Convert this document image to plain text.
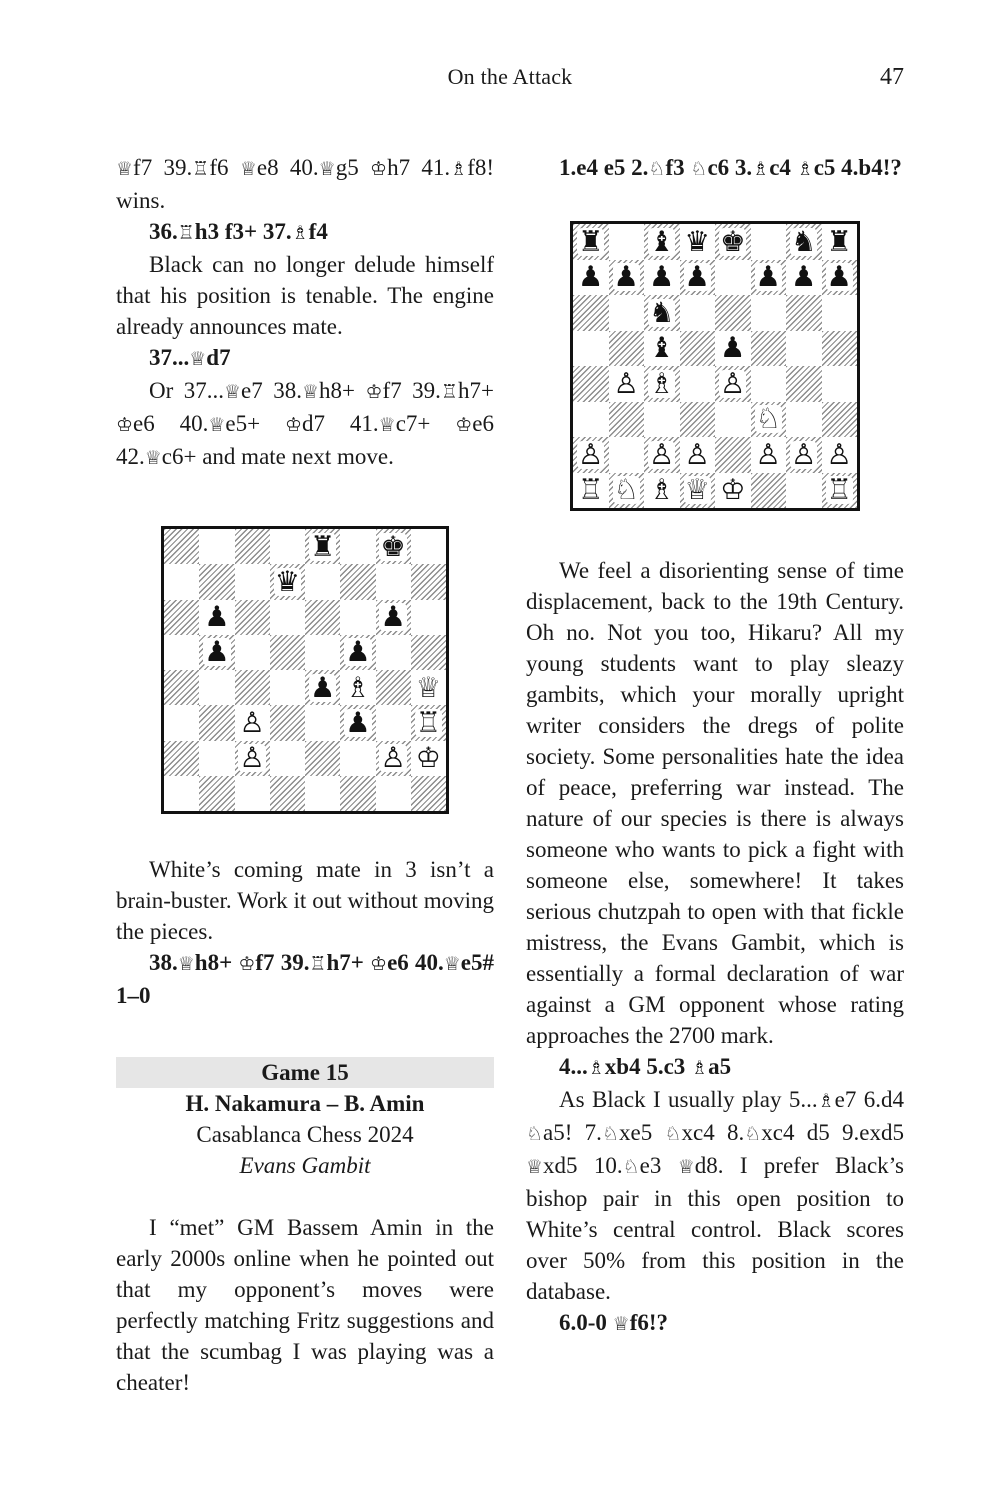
On the Attack	47

♕f7 39.♖f6 ♕e8 40.♕g5 ♔h7 41.♗f8! wins.

36.♖h3 f3+ 37.♗f4

Black can no longer delude himself that his position is tenable. The engine already announces mate.

37...♕d7

Or 37...♕e7 38.♕h8+ ♔f7 39.♖h7+ ♔e6 40.♕e5+ ♔d7 41.♕c7+ ♔e6 42.♕c6+ and mate next move.

♜ ♚
♛
♟	♟
♟	♟
♟ ♗ ♕
♙	♟ ♖
♙	♙ ♔

White’s coming mate in 3 isn’t a brain-buster. Work it out without moving the pieces.

38.♕h8+ ♔f7 39.♖h7+ ♔e6 40.♕e5# 1–0

Game 15
H. Nakamura – B. Amin
Casablanca Chess 2024
Evans Gambit

I “met” GM Bassem Amin in the early 2000s online when he pointed out that my opponent’s moves were perfectly matching Fritz suggestions and that the scumbag I was playing was a cheater!

1.e4 e5 2.♘f3 ♘c6 3.♗c4 ♗c5 4.b4!?

♜ ♝ ♛ ♚ ♞ ♜
♟ ♟ ♟ ♟ ♟ ♟ ♟
♞
♝ ♟
♙ ♗ ♙
♘
♙ ♙ ♙ ♙ ♙ ♙
♖ ♘ ♗ ♕ ♔	♖

We feel a disorienting sense of time displacement, back to the 19th Century. Oh no. Not you too, Hikaru? All my young students want to play sleazy gambits, which your morally upright writer considers the dregs of polite society. Some personalities hate the idea of peace, preferring war instead. The nature of our species is there is always someone who wants to pick a fight with someone else, somewhere! It takes serious chutzpah to open with that fickle mistress, the Evans Gambit, which is essentially a formal declaration of war against a GM opponent whose rating approaches the 2700 mark.

4...♗xb4 5.c3 ♗a5

As Black I usually play 5...♗e7 6.d4 ♘a5! 7.♘xe5 ♘xc4 8.♘xc4 d5 9.exd5 ♕xd5 10.♘e3 ♕d8. I prefer Black’s bishop pair in this open position to White’s central control. Black scores over 50% from this position in the database.

6.0-0 ♕f6!?
